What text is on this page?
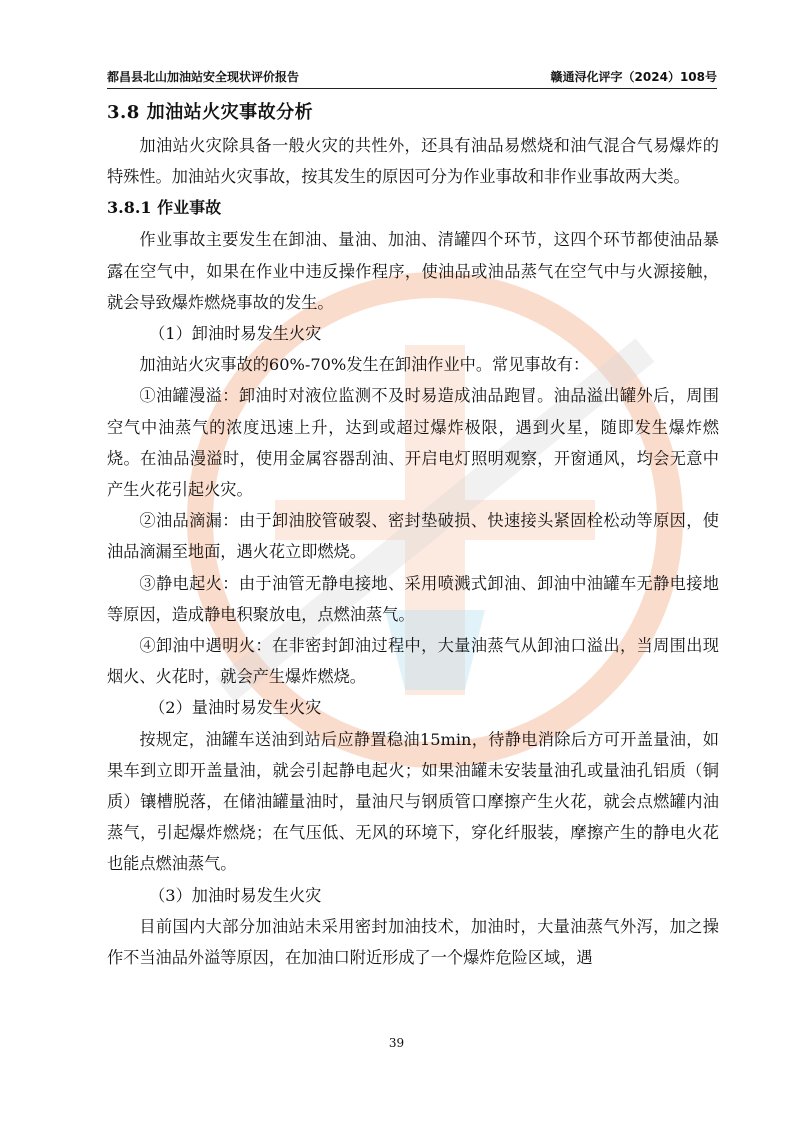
都昌县北山加油站安全现状评价报告	赣通浔化评字（2024）108号
3.8 加油站火灾事故分析

加油站火灾除具备一般火灾的共性外，还具有油品易燃烧和油气混合气易爆炸的特殊性。加油站火灾事故，按其发生的原因可分为作业事故和非作业事故两大类。

3.8.1 作业事故

作业事故主要发生在卸油、量油、加油、清罐四个环节，这四个环节都使油品暴露在空气中，如果在作业中违反操作程序，使油品或油品蒸气在空气中与火源接触，就会导致爆炸燃烧事故的发生。

（1）卸油时易发生火灾

加油站火灾事故的60%-70%发生在卸油作业中。常见事故有：

①油罐漫溢：卸油时对液位监测不及时易造成油品跑冒。油品溢出罐外后，周围空气中油蒸气的浓度迅速上升，达到或超过爆炸极限，遇到火星，随即发生爆炸燃烧。在油品漫溢时，使用金属容器刮油、开启电灯照明观察，开窗通风，均会无意中产生火花引起火灾。

②油品滴漏：由于卸油胶管破裂、密封垫破损、快速接头紧固栓松动等原因，使油品滴漏至地面，遇火花立即燃烧。

③静电起火：由于油管无静电接地、采用喷溅式卸油、卸油中油罐车无静电接地等原因，造成静电积聚放电，点燃油蒸气。

④卸油中遇明火：在非密封卸油过程中，大量油蒸气从卸油口溢出，当周围出现烟火、火花时，就会产生爆炸燃烧。

（2）量油时易发生火灾

按规定，油罐车送油到站后应静置稳油15min，待静电消除后方可开盖量油，如果车到立即开盖量油，就会引起静电起火；如果油罐未安装量油孔或量油孔铝质（铜质）镶槽脱落，在储油罐量油时，量油尺与钢质管口摩擦产生火花，就会点燃罐内油蒸气，引起爆炸燃烧；在气压低、无风的环境下，穿化纤服装，摩擦产生的静电火花也能点燃油蒸气。

（3）加油时易发生火灾

目前国内大部分加油站未采用密封加油技术，加油时，大量油蒸气外泻，加之操作不当油品外溢等原因，在加油口附近形成了一个爆炸危险区域，遇

39
